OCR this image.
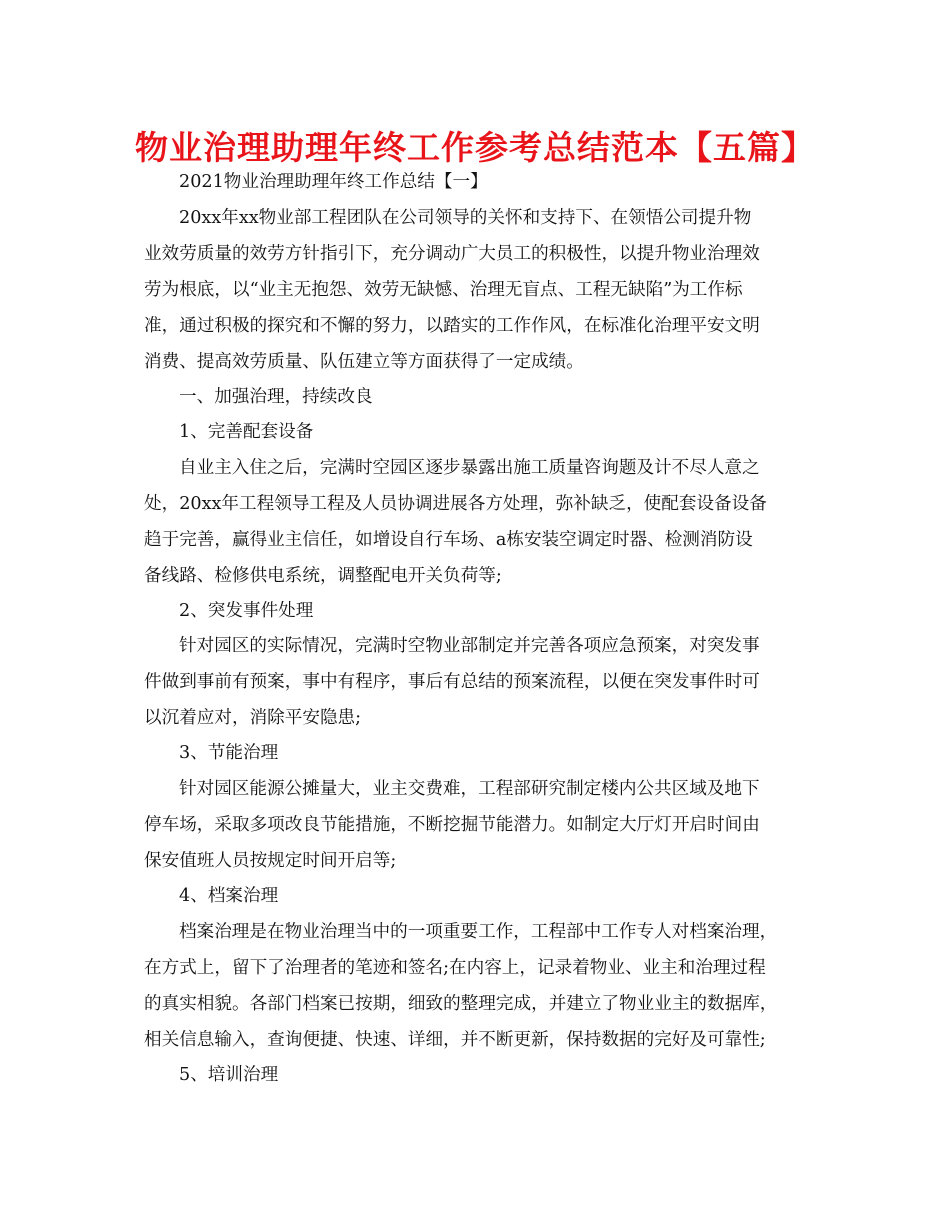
物业治理助理年终工作参考总结范本【五篇】
2021物业治理助理年终工作总结【一】
20xx年xx物业部工程团队在公司领导的关怀和支持下、在领悟公司提升物
业效劳质量的效劳方针指引下，充分调动广大员工的积极性，以提升物业治理效
劳为根底，以“业主无抱怨、效劳无缺憾、治理无盲点、工程无缺陷”为工作标
准，通过积极的探究和不懈的努力，以踏实的工作作风，在标准化治理平安文明
消费、提高效劳质量、队伍建立等方面获得了一定成绩。
一、加强治理，持续改良
1、完善配套设备
自业主入住之后，完满时空园区逐步暴露出施工质量咨询题及计不尽人意之
处，20xx年工程领导工程及人员协调进展各方处理，弥补缺乏，使配套设备设备
趋于完善，赢得业主信任，如增设自行车场、a栋安装空调定时器、检测消防设
备线路、检修供电系统，调整配电开关负荷等;
2、突发事件处理
针对园区的实际情况，完满时空物业部制定并完善各项应急预案，对突发事
件做到事前有预案，事中有程序，事后有总结的预案流程，以便在突发事件时可
以沉着应对，消除平安隐患;
3、节能治理
针对园区能源公摊量大，业主交费难，工程部研究制定楼内公共区域及地下
停车场，采取多项改良节能措施，不断挖掘节能潜力。如制定大厅灯开启时间由
保安值班人员按规定时间开启等;
4、档案治理
档案治理是在物业治理当中的一项重要工作，工程部中工作专人对档案治理，
在方式上，留下了治理者的笔迹和签名;在内容上，记录着物业、业主和治理过程
的真实相貌。各部门档案已按期，细致的整理完成，并建立了物业业主的数据库，
相关信息输入，查询便捷、快速、详细，并不断更新，保持数据的完好及可靠性;
5、培训治理
